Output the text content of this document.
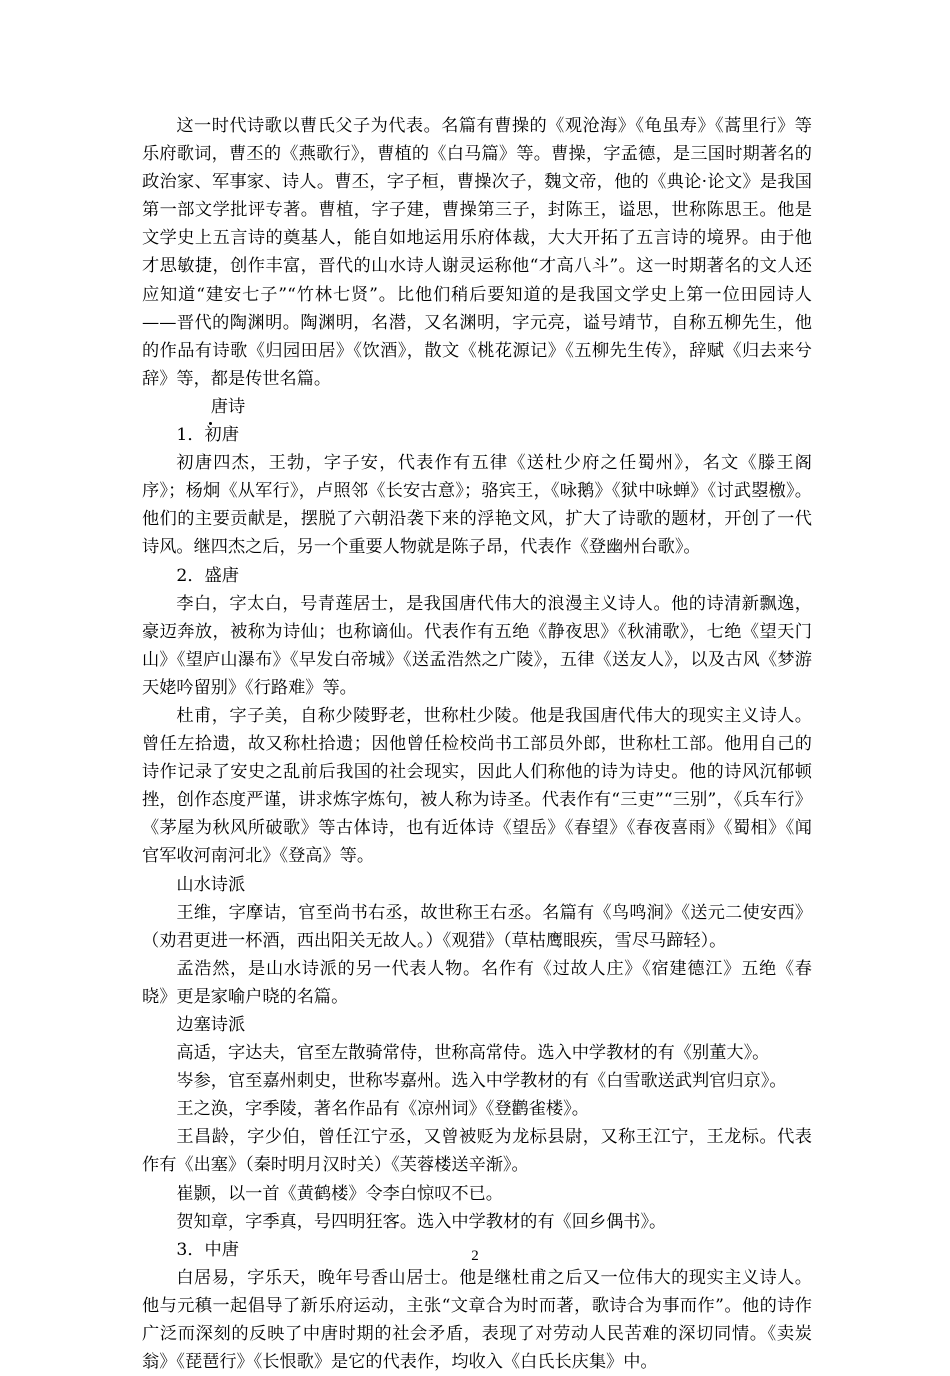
这一时代诗歌以曹氏父子为代表。名篇有曹操的《观沧海》《龟虽寿》《蒿里行》等乐府歌词，曹丕的《燕歌行》，曹植的《白马篇》等。曹操，字孟德，是三国时期著名的政治家、军事家、诗人。曹丕，字子桓，曹操次子，魏文帝，他的《典论·论文》是我国第一部文学批评专著。曹植，字子建，曹操第三子，封陈王，谥思，世称陈思王。他是文学史上五言诗的奠基人，能自如地运用乐府体裁，大大开拓了五言诗的境界。由于他才思敏捷，创作丰富，晋代的山水诗人谢灵运称他“才高八斗”。这一时期著名的文人还应知道“建安七子”“竹林七贤”。比他们稍后要知道的是我国文学史上第一位田园诗人——晋代的陶渊明。陶渊明，名潜，又名渊明，字元亮，谥号靖节，自称五柳先生，他的作品有诗歌《归园田居》《饮酒》，散文《桃花源记》《五柳先生传》，辞赋《归去来兮辞》等，都是传世名篇。

唐诗

1．初唐

初唐四杰，王勃，字子安，代表作有五律《送杜少府之任蜀州》，名文《滕王阁序》；杨炯《从军行》，卢照邻《长安古意》；骆宾王，《咏鹅》《狱中咏蝉》《讨武曌檄》。他们的主要贡献是，摆脱了六朝沿袭下来的浮艳文风，扩大了诗歌的题材，开创了一代诗风。继四杰之后，另一个重要人物就是陈子昂，代表作《登幽州台歌》。

2．盛唐

李白，字太白，号青莲居士，是我国唐代伟大的浪漫主义诗人。他的诗清新飘逸，豪迈奔放，被称为诗仙；也称谪仙。代表作有五绝《静夜思》《秋浦歌》，七绝《望天门山》《望庐山瀑布》《早发白帝城》《送孟浩然之广陵》，五律《送友人》，以及古风《梦游天姥吟留别》《行路难》等。

杜甫，字子美，自称少陵野老，世称杜少陵。他是我国唐代伟大的现实主义诗人。曾任左拾遗，故又称杜拾遗；因他曾任检校尚书工部员外郎，世称杜工部。他用自己的诗作记录了安史之乱前后我国的社会现实，因此人们称他的诗为诗史。他的诗风沉郁顿挫，创作态度严谨，讲求炼字炼句，被人称为诗圣。代表作有“三吏”“三别”，《兵车行》《茅屋为秋风所破歌》等古体诗，也有近体诗《望岳》《春望》《春夜喜雨》《蜀相》《闻官军收河南河北》《登高》等。

山水诗派

王维，字摩诘，官至尚书右丞，故世称王右丞。名篇有《鸟鸣涧》《送元二使安西》（劝君更进一杯酒，西出阳关无故人。）《观猎》（草枯鹰眼疾，雪尽马蹄轻）。

孟浩然，是山水诗派的另一代表人物。名作有《过故人庄》《宿建德江》五绝《春晓》更是家喻户晓的名篇。

边塞诗派

高适，字达夫，官至左散骑常侍，世称高常侍。选入中学教材的有《别董大》。

岑参，官至嘉州刺史，世称岑嘉州。选入中学教材的有《白雪歌送武判官归京》。

王之涣，字季陵，著名作品有《凉州词》《登鹳雀楼》。

王昌龄，字少伯，曾任江宁丞，又曾被贬为龙标县尉，又称王江宁，王龙标。代表作有《出塞》（秦时明月汉时关）《芙蓉楼送辛渐》。

崔颢，以一首《黄鹤楼》令李白惊叹不已。

贺知章，字季真，号四明狂客。选入中学教材的有《回乡偶书》。

3．中唐

白居易，字乐天，晚年号香山居士。他是继杜甫之后又一位伟大的现实主义诗人。他与元稹一起倡导了新乐府运动，主张“文章合为时而著，歌诗合为事而作”。他的诗作广泛而深刻的反映了中唐时期的社会矛盾，表现了对劳动人民苦难的深切同情。《卖炭翁》《琵琶行》《长恨歌》是它的代表作，均收入《白氏长庆集》中。

2
